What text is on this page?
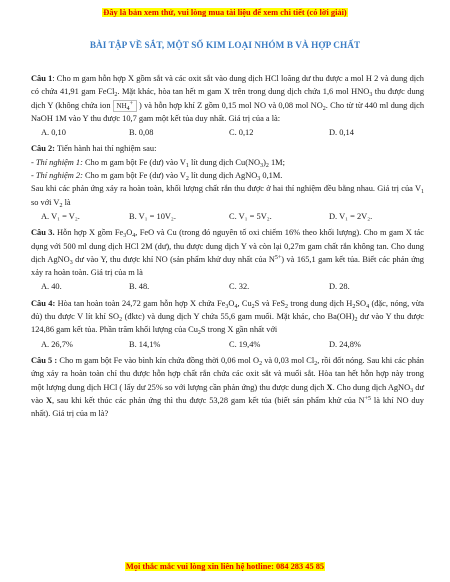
Đây là bản xem thử, vui lòng mua tài liệu để xem chi tiết (có lời giải)
BÀI TẬP VỀ SẮT, MỘT SỐ KIM LOẠI NHÓM B VÀ HỢP CHẤT

Câu 1: Cho m gam hỗn hợp X gồm sắt và các oxit sắt vào dung dịch HCl loãng dư thu được a mol H 2 và dung dịch có chứa 41,91 gam FeCl$_2$. Mặt khác, hòa tan hết m gam X trên trong dung dịch chứa 1,6 mol $HNO_3$ thu được dung dịch Y (không chứa ion $NH_4^+$ ) và hỗn hợp khí Z gồm 0,15 mol NO và 0,08 mol $NO_2$. Cho từ từ 440 ml dung dịch NaOH 1M vào Y thu được 10,7 gam một kết tủa duy nhất. Giá trị của a là:

A. 0,10	B. 0,08	C. 0,12	D. 0,14

Câu 2: Tiến hành hai thí nghiệm sau:

- Thí nghiệm 1: Cho m gam bột Fe (dư) vào $V_1$ lít dung dịch $Cu(NO_3)_2$ 1M;

- Thí nghiệm 2: Cho m gam bột Fe (dư) vào $V_2$ lít dung dịch AgNO$_3$ 0,1M.

Sau khi các phản ứng xảy ra hoàn toàn, khối lượng chất rắn thu được ở hai thí nghiệm đều bằng nhau. Giá trị của $V_1$ so với $V_2$ là

A. V₁ = V₂.	B. V₁ = 10V₂.	C. V₁ = 5V₂.	D. V₁ = 2V₂.

Câu 3. Hỗn hợp X gồm $Fe_3O_4$, FeO và Cu (trong đó nguyên tố oxi chiếm 16% theo khối lượng). Cho m gam X tác dụng với 500 ml dung dịch HCl 2M (dư), thu được dung dịch Y và còn lại 0,27m gam chất rắn không tan. Cho dung dịch AgNO$_3$ dư vào Y, thu được khí NO (sản phẩm khử duy nhất của $N^{5+}$) và 165,1 gam kết tủa. Biết các phản ứng xảy ra hoàn toàn. Giá trị của m là

A. 40.	B. 48.	C. 32.	D. 28.

Câu 4: Hòa tan hoàn toàn 24,72 gam hỗn hợp X chứa $Fe_3O_4$, $Cu_2S$ và FeS$_2$ trong dung dịch $H_2SO_4$ (đặc, nóng, vừa đủ) thu được V lít khí $SO_2$ (đktc) và dung dịch Y chứa 55,6 gam muối. Mặt khác, cho $Ba(OH)_2$ dư vào Y thu được 124,86 gam kết tủa. Phần trăm khối lượng của $Cu_2S$ trong X gần nhất với

A. 26,7%	B. 14,1%	C. 19,4%	D. 24,8%

Câu 5 : Cho m gam bột Fe vào bình kín chứa đồng thời 0,06 mol $O_2$ và 0,03 mol $Cl_2$, rồi đốt nóng. Sau khi các phản ứng xảy ra hoàn toàn chỉ thu được hỗn hợp chất rắn chứa các oxit sắt và muối sắt. Hòa tan hết hỗn hợp này trong một lượng dung dịch HCl ( lấy dư 25% so với lượng cần phản ứng) thu được dung dịch X. Cho dung dịch AgNO$_3$ dư vào X, sau khi kết thúc các phản ứng thì thu được 53,28 gam kết tủa (biết sản phẩm khử của $N^{+5}$ là khí NO duy nhất). Giá trị của m là?

Mọi thắc mắc vui lòng xin liên hệ hotline: 084 283 45 85
